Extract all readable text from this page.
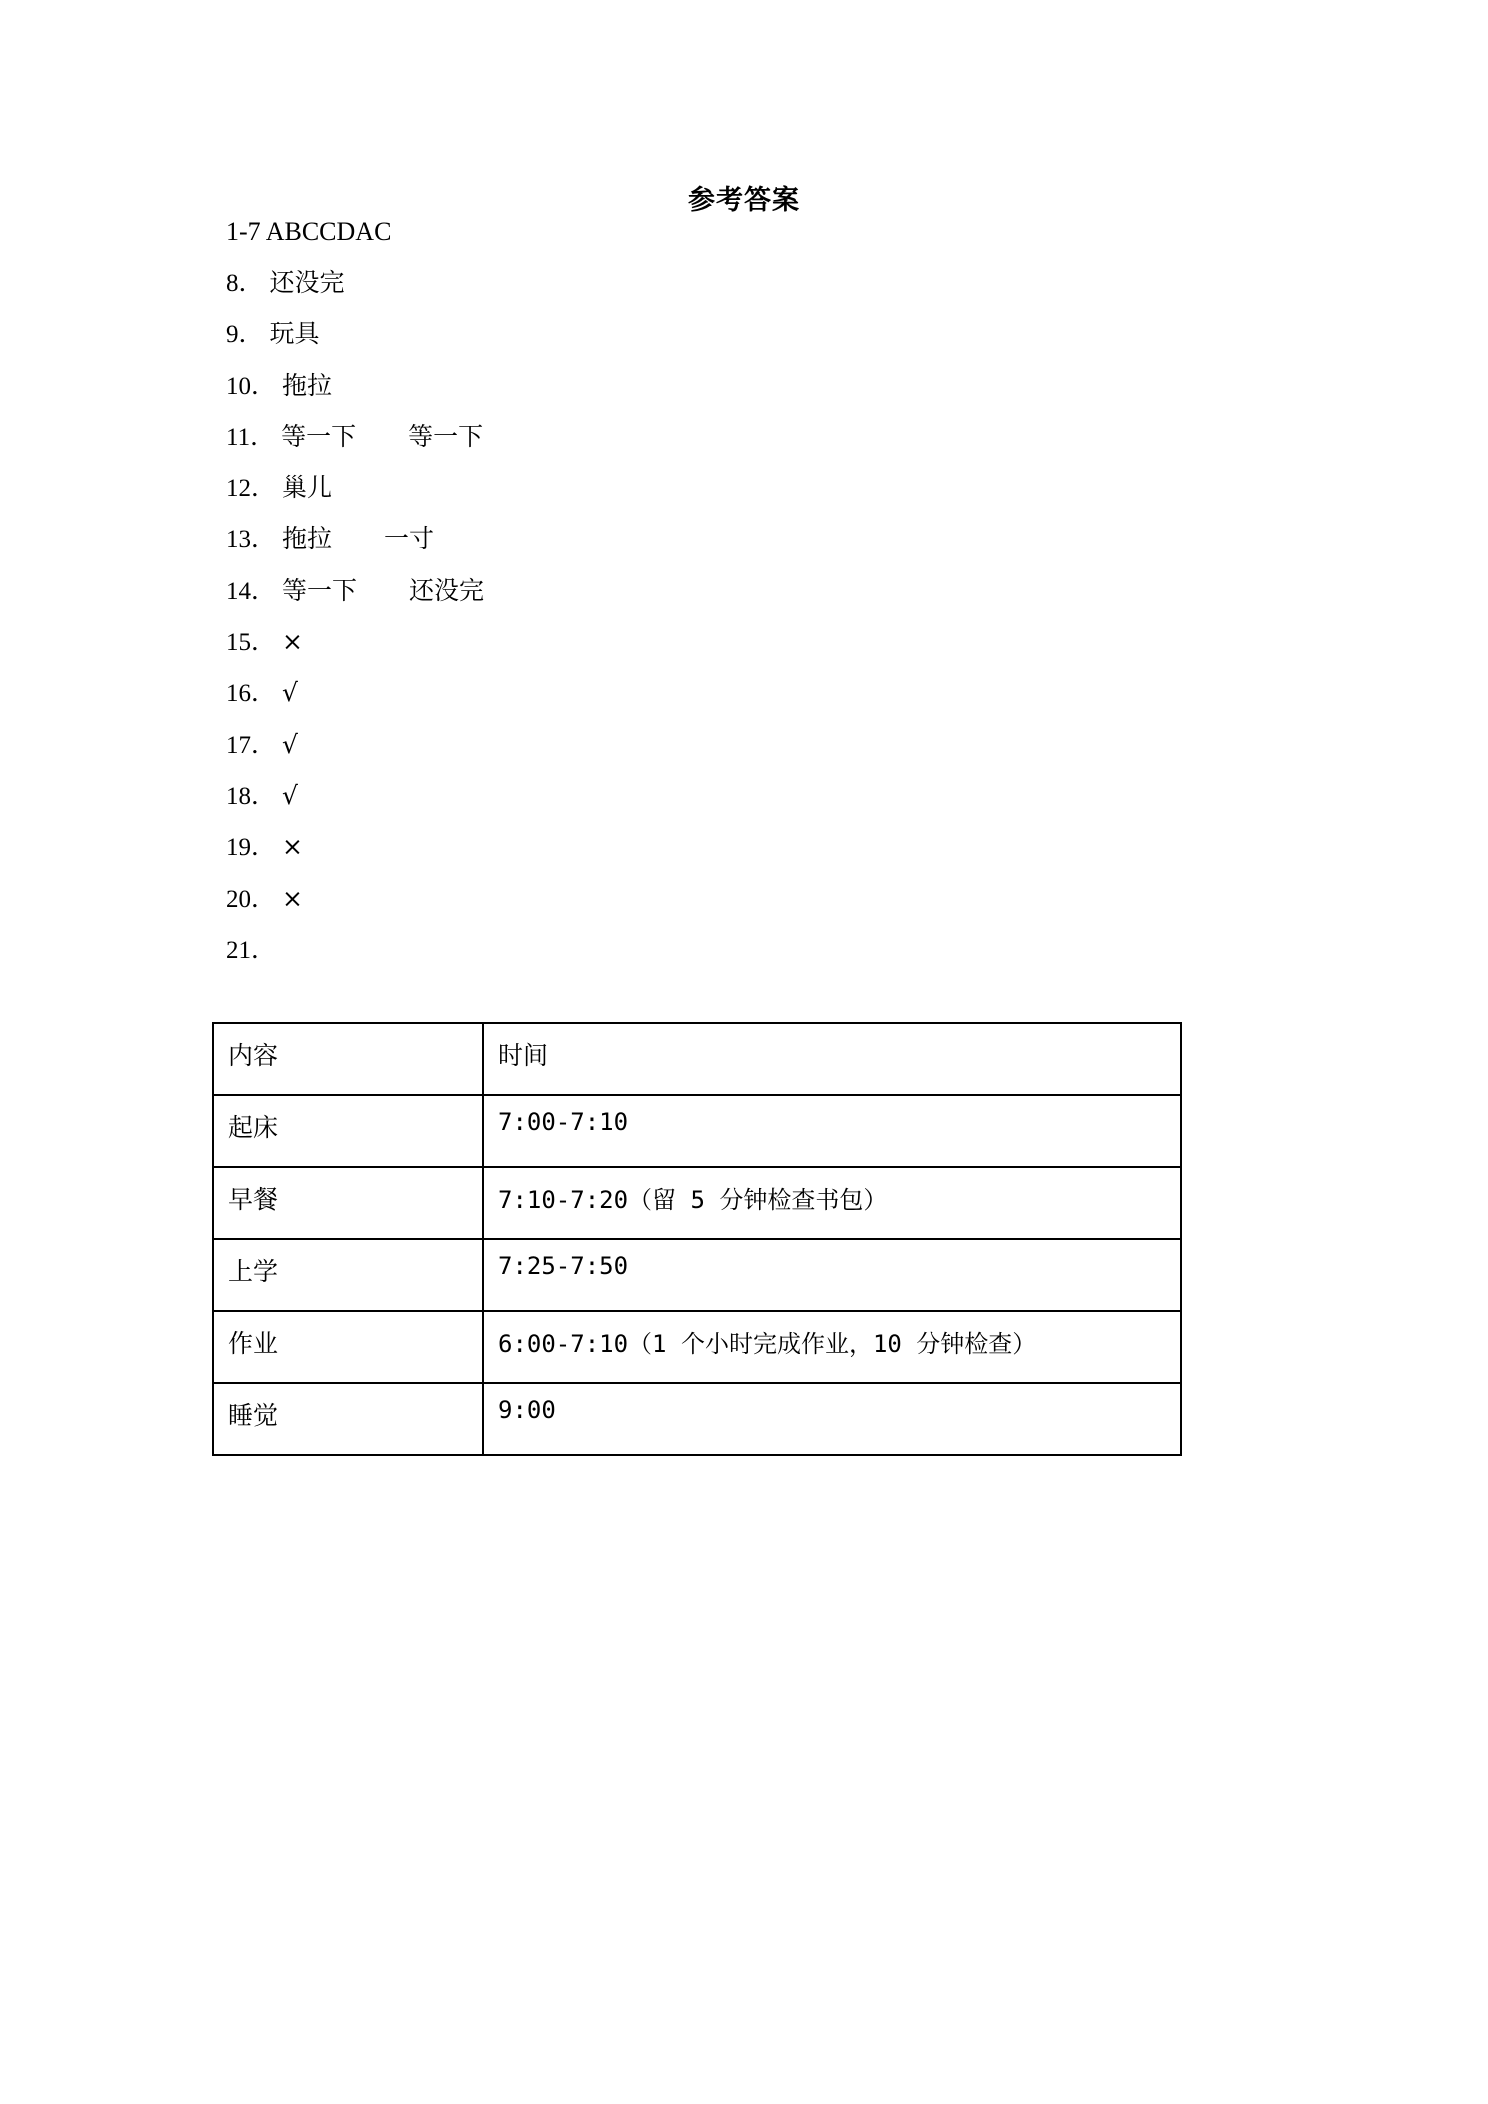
参考答案
1-7 ABCCDAC
8． 还没完
9． 玩具
10． 拖拉
11． 等一下 等一下
12． 巢儿
13． 拖拉 一寸
14． 等一下 还没完
15． ×
16． √
17． √
18． √
19． ×
20． ×
21．
内容	时间
起床	7:00-7:10
早餐	7:10-7:20（留 5 分钟检查书包）
上学	7:25-7:50
作业	6:00-7:10（1 个小时完成作业，10 分钟检查）
睡觉	9:00
